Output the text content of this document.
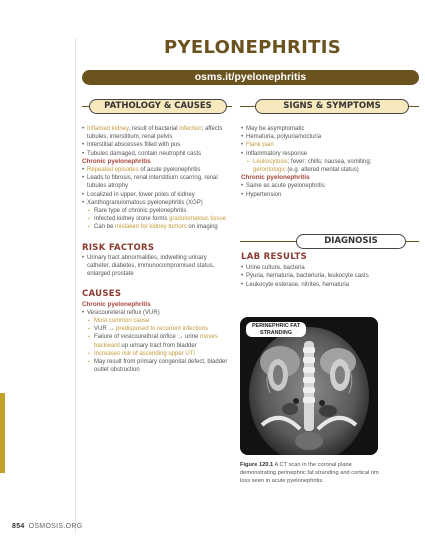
PYELONEPHRITIS
osms.it/pyelonephritis
PATHOLOGY & CAUSES	SIGNS & SYMPTOMS

• Inflamed kidney, result of bacterial infection; affects tubules, interstitium, renal pelvis

• Interstitial abscesses filled with pus

• Tubules damaged, contain neutrophil casts

Chronic pyelonephritis

• Repeated episodes of acute pyelonephritis

• Leads to fibrosis, renal interstitium scarring, renal tubules atrophy

• Localized in upper, lower poles of kidney

• Xanthogranulomatous pyelonephritis (XGP)

▪ Rare type of chronic pyelonephritis

▪ Infected kidney stone forms granulomatous tissue

▪ Can be mistaken for kidney tumors on imaging

RISK FACTORS

• Urinary tract abnormalities, indwelling urinary catheter, diabetes, immunocompromised status, enlarged prostate

CAUSES

Chronic pyelonephritis

• Vesicoureteral reflux (VUR)

▪ Most common cause

▪ VUR → predisposed to recurrent infections

▪ Failure of vesicourethral orifice → urine moves backward up urinary tract from bladder

▪ Increases risk of ascending upper UTI

▪ May result from primary congenital defect, bladder outlet obstruction

• May be asymptomatic

• Hematuria, polyuria/nocturia

• Flank pain

• Inflammatory response

▪ Leukocytosis; fever; chills; nausea, vomiting; gerontologic (e.g. altered mental status)

Chronic pyelonephritis

• Same as acute pyelonephritis

• Hypertension

DIAGNOSIS

LAB RESULTS

• Urine culture, bacteria

• Pyuria, hematuria, bacteriuria, leukocyte casts

• Leukocyte esterase, nitrites, hematuria

PERINEPHRIC FAT STRANDING
Figure 120.1 A CT scan in the coronal plane demonstrating perinephric fat stranding and cortical rim loss seen in acute pyelonephritis.
854 OSMOSIS.ORG
